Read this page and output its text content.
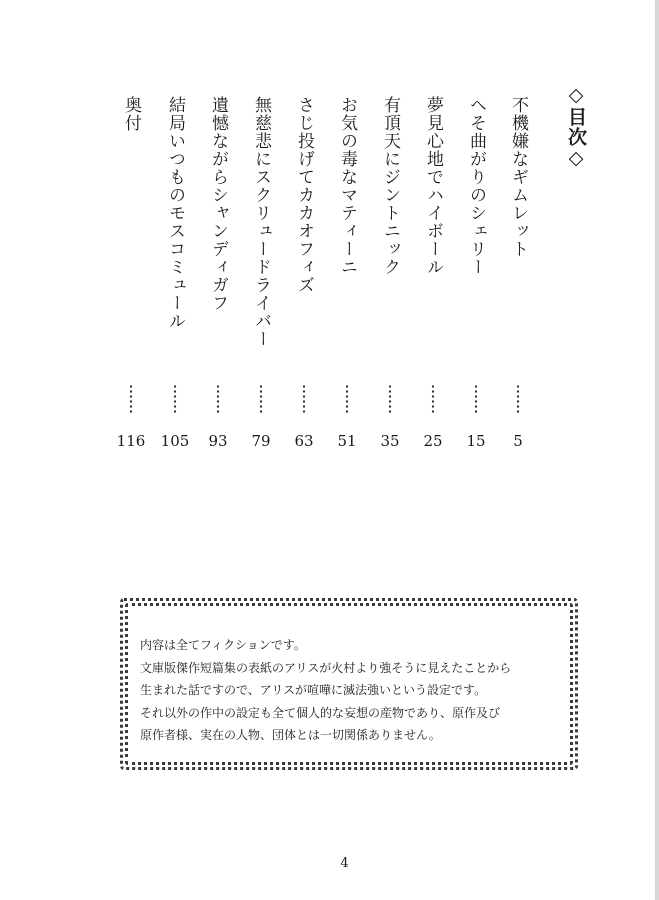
◇目次◇
不機嫌なギムレット
5
へそ曲がりのシェリー
15
夢見心地でハイボール
25
有頂天にジントニック
35
お気の毒なマティーニ
51
さじ投げてカカオフィズ
63
無慈悲にスクリュードライバー
79
遺憾ながらシャンディガフ
93
結局いつものモスコミュール
105
奥付
116
内容は全てフィクションです。
文庫版傑作短篇集の表紙のアリスが火村より強そうに見えたことから
生まれた話ですので、アリスが喧嘩に滅法強いという設定です。
それ以外の作中の設定も全て個人的な妄想の産物であり、原作及び
原作者様、実在の人物、団体とは一切関係ありません。
4
